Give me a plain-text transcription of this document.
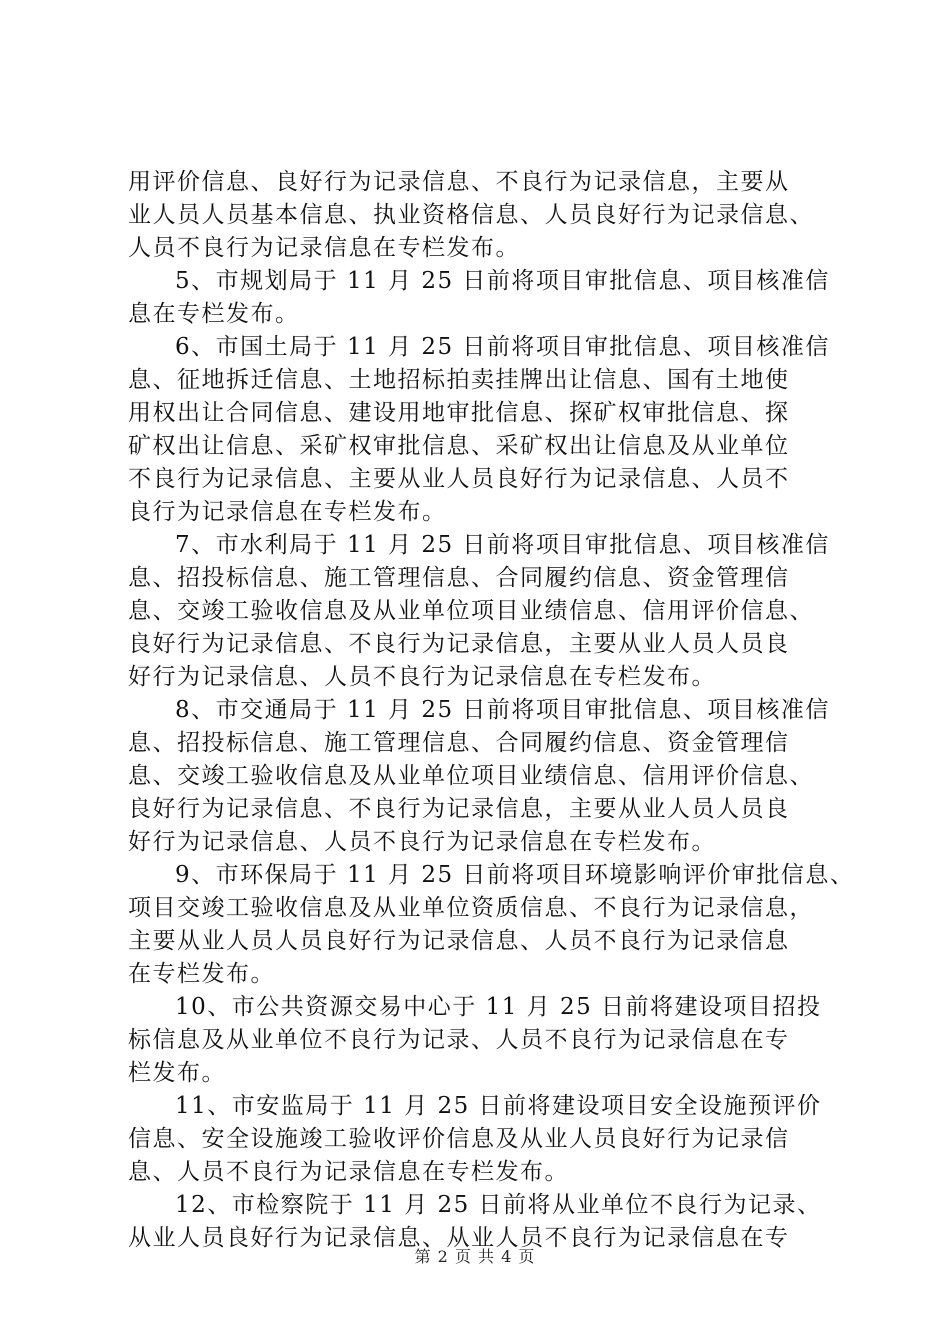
用评价信息、良好行为记录信息、不良行为记录信息，主要从
业人员人员基本信息、执业资格信息、人员良好行为记录信息、
人员不良行为记录信息在专栏发布。
5、市规划局于 11 月 25 日前将项目审批信息、项目核准信
息在专栏发布。
6、市国土局于 11 月 25 日前将项目审批信息、项目核准信
息、征地拆迁信息、土地招标拍卖挂牌出让信息、国有土地使
用权出让合同信息、建设用地审批信息、探矿权审批信息、探
矿权出让信息、采矿权审批信息、采矿权出让信息及从业单位
不良行为记录信息、主要从业人员良好行为记录信息、人员不
良行为记录信息在专栏发布。
7、市水利局于 11 月 25 日前将项目审批信息、项目核准信
息、招投标信息、施工管理信息、合同履约信息、资金管理信
息、交竣工验收信息及从业单位项目业绩信息、信用评价信息、
良好行为记录信息、不良行为记录信息，主要从业人员人员良
好行为记录信息、人员不良行为记录信息在专栏发布。
8、市交通局于 11 月 25 日前将项目审批信息、项目核准信
息、招投标信息、施工管理信息、合同履约信息、资金管理信
息、交竣工验收信息及从业单位项目业绩信息、信用评价信息、
良好行为记录信息、不良行为记录信息，主要从业人员人员良
好行为记录信息、人员不良行为记录信息在专栏发布。
9、市环保局于 11 月 25 日前将项目环境影响评价审批信息、
项目交竣工验收信息及从业单位资质信息、不良行为记录信息，
主要从业人员人员良好行为记录信息、人员不良行为记录信息
在专栏发布。
10、市公共资源交易中心于 11 月 25 日前将建设项目招投
标信息及从业单位不良行为记录、人员不良行为记录信息在专
栏发布。
11、市安监局于 11 月 25 日前将建设项目安全设施预评价
信息、安全设施竣工验收评价信息及从业人员良好行为记录信
息、人员不良行为记录信息在专栏发布。
12、市检察院于 11 月 25 日前将从业单位不良行为记录、
从业人员良好行为记录信息、从业人员不良行为记录信息在专
第 2 页 共 4 页
